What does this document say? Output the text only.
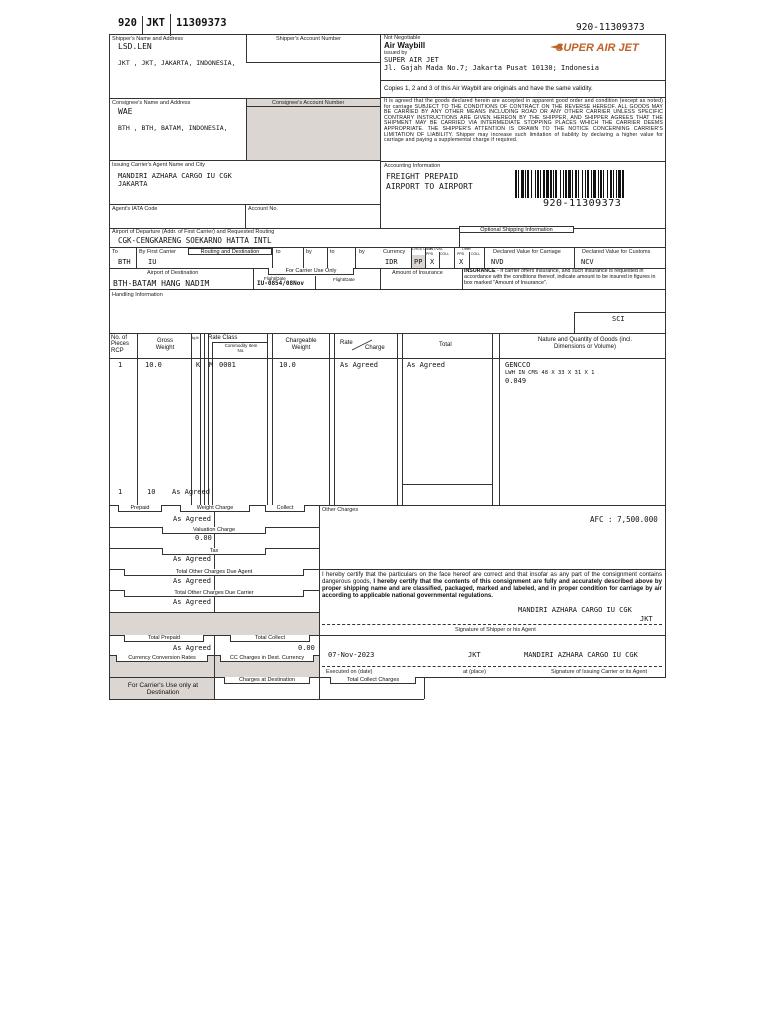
920 JKT 11309373	920-11309373
Shipper's Name and Address	Shipper's Account Number
LSD.LEN
JKT , JKT, JAKARTA, INDONESIA,
Not Negotiable
Air Waybill
issued by
SUPER AIR JET
Jl. Gajah Mada No.7; Jakarta Pusat 10130; Indonesia
SUPER AIR JET
Copies 1, 2 and 3 of this Air Waybill are originals and have the same validity.
It is agreed that the goods declared herein are accepted in apparent good order and condition (except as noted) for carriage SUBJECT TO THE CONDITIONS OF CONTRACT ON THE REVERSE HEREOF. ALL GOODS MAY BE CARRIED BY ANY OTHER MEANS INCLUDING ROAD OR ANY OTHER CARRIER UNLESS SPECIFIC CONTRARY INSTRUCTIONS ARE GIVEN HEREON BY THE SHIPPER, AND SHIPPER AGREES THAT THE SHIPMENT MAY BE CARRIED VIA INTERMEDIATE STOPPING PLACES WHICH THE CARRIER DEEMS APPROPRIATE. THE SHIPPER'S ATTENTION IS DRAWN TO THE NOTICE CONCERNING CARRIER'S LIMITATION OF LIABILITY. Shipper may increase such limitation of liability by declaring a higher value for carriage and paying a supplemental charge if required.
Consignee's Name and Address	Consignee's Account Number
WAE
BTH , BTH, BATAM, INDONESIA,
Issuing Carrier's Agent Name and City
MANDIRI AZHARA CARGO IU CGK
JAKARTA
Agent's IATA Code	Account No.
Accounting Information
FREIGHT PREPAID
AIRPORT TO AIRPORT
920-11309373
Airport of Departure (Addr. of First Carrier) and Requested Routing
CGK-CENGKARENG SOEKARNO HATTA INTL
Optional Shipping Information
To	By First Carrier	Routing and Destination	to	by	to	by
BTH IU
Currency CHGS Code
WT/VAL
PPD COLL
Other
PPD COLL Declared Value for Carriage	Declared Value for Customs
IDR PP X	X	NVD	NCV
Airport of Destination
BTH-BATAM HANG NADIM
For Carrier Use Only
Flight/Date
IU-0854/08Nov
Flight/Date
Amount of Insurance	INSURANCE - If carrier offers insurance, and such insurance is requested in accordance with the conditions thereof, indicate amount to be insured in figures in box marked "Amount of Insurance".
Handling Information
SCI
No. of Pieces RCP
Gross Weight
kg lb Rate Class
Commodity Item No.
Chargeable Weight
Rate
Charge	Total
Nature and Quantity of Goods (incl. Dimensions or Volume)
1	10.0	K M 0001	10.0	As Agreed	As Agreed	GENCCO
LWH IN CMS 48 X 33 X 31 X 1
0.049
1	10 As Agreed
Prepaid	Weight Charge	Collect
As Agreed
Valuation Charge
0.00
Tax
As Agreed
Total Other Charges Due Agent
As Agreed
Total Other Charges Due Carrier
As Agreed
Total Prepaid	Total Collect
As Agreed	0.00
Currency Conversion Rates	CC Charges in Dest. Currency
For Carrier's Use only at Destination
Charges at Destination	Total Collect Charges
Other Charges
AFC : 7,500.000
I hereby certify that the particulars on the face hereof are correct and that insofar as any part of the consignment contains dangerous goods, I hereby certify that the contents of this consignment are fully and accurately described above by proper shipping name and are classified, packaged, marked and labeled, and in proper condition for carriage by air according to applicable national governmental regulations.
MANDIRI AZHARA CARGO IU CGK
JKT
Signature of Shipper or his Agent
07-Nov-2023	JKT	MANDIRI AZHARA CARGO IU CGK
Executed on (date)	at (place)	Signature of Issuing Carrier or its Agent
